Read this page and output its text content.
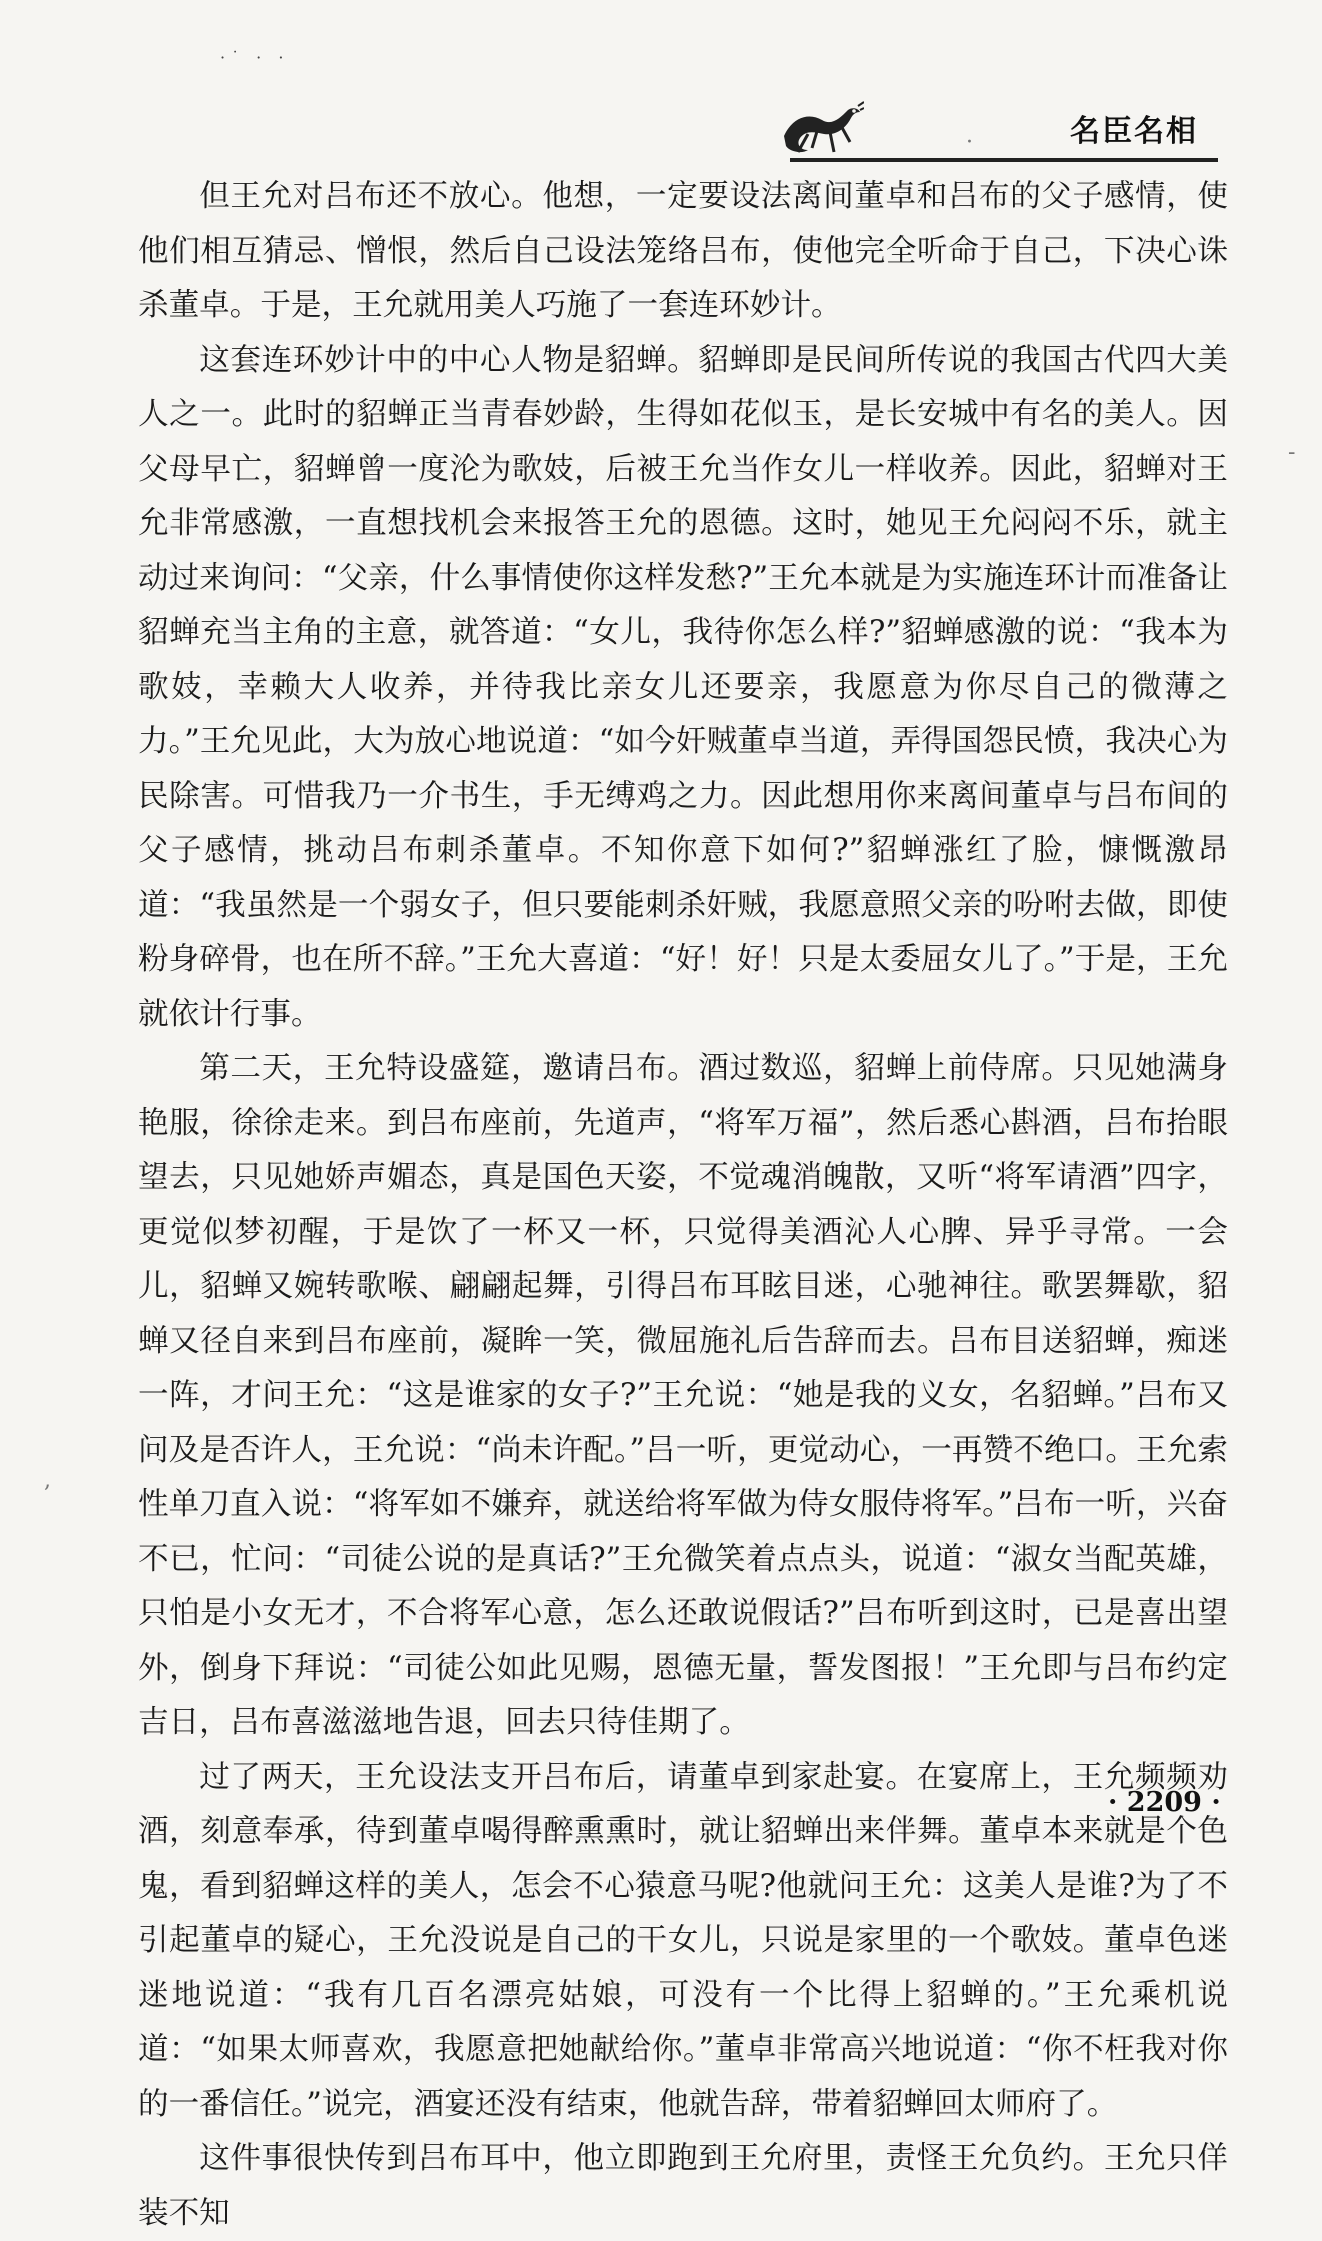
·˙ · ·
名臣名相
·
-
,

但王允对吕布还不放心。他想，一定要设法离间董卓和吕布的父子感情，使他们相互猜忌、憎恨，然后自己设法笼络吕布，使他完全听命于自己，下决心诛杀董卓。于是，王允就用美人巧施了一套连环妙计。

这套连环妙计中的中心人物是貂蝉。貂蝉即是民间所传说的我国古代四大美人之一。此时的貂蝉正当青春妙龄，生得如花似玉，是长安城中有名的美人。因父母早亡，貂蝉曾一度沦为歌妓，后被王允当作女儿一样收养。因此，貂蝉对王允非常感激，一直想找机会来报答王允的恩德。这时，她见王允闷闷不乐，就主动过来询问：“父亲，什么事情使你这样发愁?”王允本就是为实施连环计而准备让貂蝉充当主角的主意，就答道：“女儿，我待你怎么样?”貂蝉感激的说：“我本为歌妓，幸赖大人收养，并待我比亲女儿还要亲，我愿意为你尽自己的微薄之力。”王允见此，大为放心地说道：“如今奸贼董卓当道，弄得国怨民愤，我决心为民除害。可惜我乃一介书生，手无缚鸡之力。因此想用你来离间董卓与吕布间的父子感情，挑动吕布刺杀董卓。不知你意下如何?”貂蝉涨红了脸，慷慨激昂道：“我虽然是一个弱女子，但只要能刺杀奸贼，我愿意照父亲的吩咐去做，即使粉身碎骨，也在所不辞。”王允大喜道：“好！好！只是太委屈女儿了。”于是，王允就依计行事。

第二天，王允特设盛筵，邀请吕布。酒过数巡，貂蝉上前侍席。只见她满身艳服，徐徐走来。到吕布座前，先道声，“将军万福”，然后悉心斟酒，吕布抬眼望去，只见她娇声媚态，真是国色天姿，不觉魂消魄散，又听“将军请酒”四字，更觉似梦初醒，于是饮了一杯又一杯，只觉得美酒沁人心脾、异乎寻常。一会儿，貂蝉又婉转歌喉、翩翩起舞，引得吕布耳眩目迷，心驰神往。歌罢舞歇，貂蝉又径自来到吕布座前，凝眸一笑，微屈施礼后告辞而去。吕布目送貂蝉，痴迷一阵，才问王允：“这是谁家的女子?”王允说：“她是我的义女，名貂蝉。”吕布又问及是否许人，王允说：“尚未许配。”吕一听，更觉动心，一再赞不绝口。王允索性单刀直入说：“将军如不嫌弃，就送给将军做为侍女服侍将军。”吕布一听，兴奋不已，忙问：“司徒公说的是真话?”王允微笑着点点头，说道：“淑女当配英雄，只怕是小女无才，不合将军心意，怎么还敢说假话?”吕布听到这时，已是喜出望外，倒身下拜说：“司徒公如此见赐，恩德无量，誓发图报！”王允即与吕布约定吉日，吕布喜滋滋地告退，回去只待佳期了。

过了两天，王允设法支开吕布后，请董卓到家赴宴。在宴席上，王允频频劝酒，刻意奉承，待到董卓喝得醉熏熏时，就让貂蝉出来伴舞。董卓本来就是个色鬼，看到貂蝉这样的美人，怎会不心猿意马呢?他就问王允：这美人是谁?为了不引起董卓的疑心，王允没说是自己的干女儿，只说是家里的一个歌妓。董卓色迷迷地说道：“我有几百名漂亮姑娘，可没有一个比得上貂蝉的。”王允乘机说道：“如果太师喜欢，我愿意把她献给你。”董卓非常高兴地说道：“你不枉我对你的一番信任。”说完，酒宴还没有结束，他就告辞，带着貂蝉回太师府了。

这件事很快传到吕布耳中，他立即跑到王允府里，责怪王允负约。王允只佯装不知

· 2209 ·
